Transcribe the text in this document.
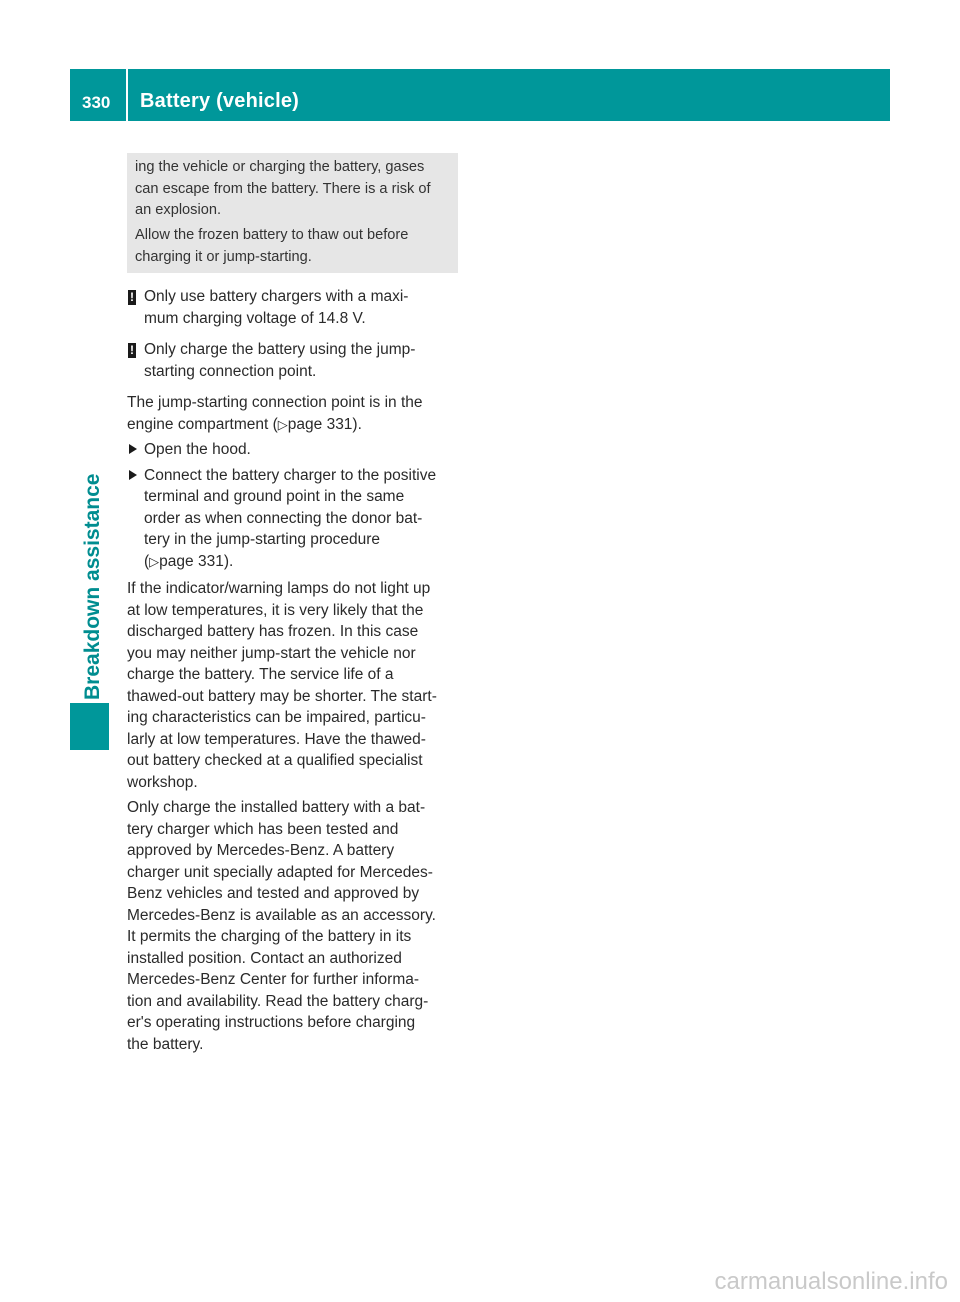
330 Battery (vehicle)
Breakdown assistance

ing the vehicle or charging the battery, gases
can escape from the battery. There is a risk of
an explosion.

Allow the frozen battery to thaw out before
charging it or jump-starting.

! Only use battery chargers with a maxi-
mum charging voltage of 14.8 V.
! Only charge the battery using the jump-
starting connection point.

The jump-starting connection point is in the
engine compartment (▷page 331).

Open the hood.
Connect the battery charger to the positive
terminal and ground point in the same
order as when connecting the donor bat-
tery in the jump-starting procedure
(▷page 331).

If the indicator/warning lamps do not light up
at low temperatures, it is very likely that the
discharged battery has frozen. In this case
you may neither jump-start the vehicle nor
charge the battery. The service life of a
thawed-out battery may be shorter. The start-
ing characteristics can be impaired, particu-
larly at low temperatures. Have the thawed-
out battery checked at a qualified specialist
workshop.

Only charge the installed battery with a bat-
tery charger which has been tested and
approved by Mercedes-Benz. A battery
charger unit specially adapted for Mercedes-
Benz vehicles and tested and approved by
Mercedes-Benz is available as an accessory.
It permits the charging of the battery in its
installed position. Contact an authorized
Mercedes-Benz Center for further informa-
tion and availability. Read the battery charg-
er's operating instructions before charging
the battery.

carmanualsonline.info
